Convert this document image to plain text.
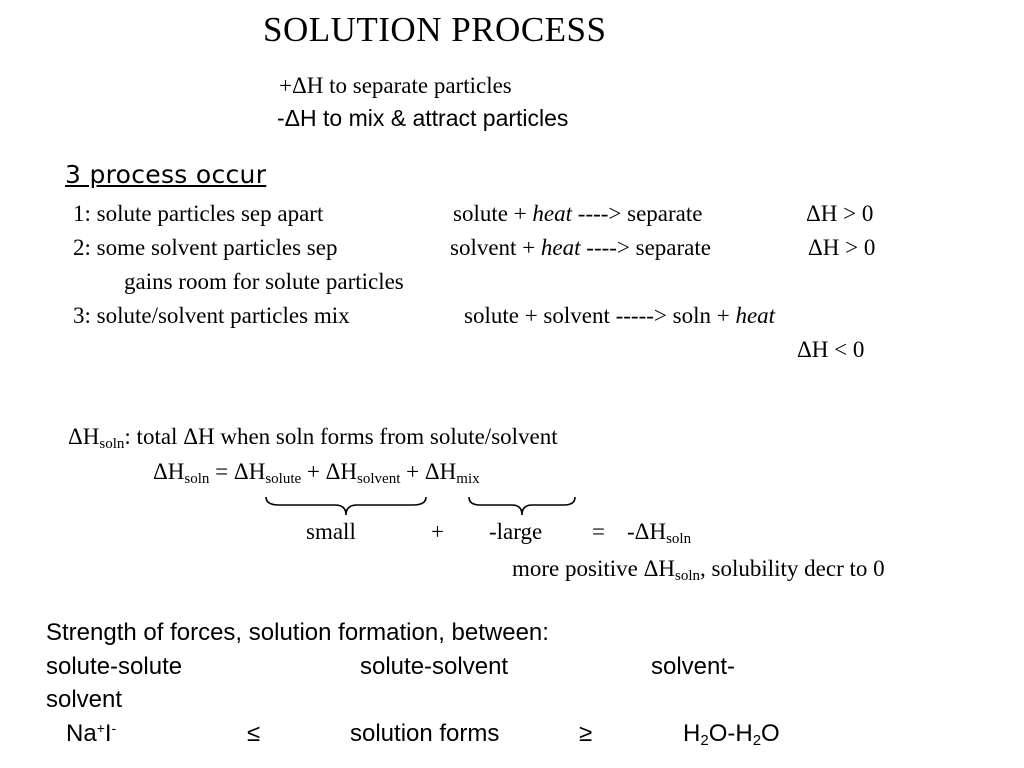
SOLUTION PROCESS
+ΔH to separate particles
-ΔH to mix & attract particles
3 process occur
1: solute particles sep apart	solute + heat ----> separate	ΔH > 0
2: some solvent particles sep	solvent + heat ----> separate	ΔH > 0
gains room for solute particles
3: solute/solvent particles mix	solute + solvent -----> soln + heat
ΔH < 0
$\Delta H_{soln}$: total ΔH when soln forms from solute/solvent
$\Delta H_{soln} = \Delta H_{solute} + \Delta H_{solvent} + \Delta H_{mix}$
small	+ -large = $-\Delta H_{soln}$
more positive $\Delta H_{soln}$, solubility decr to 0
Strength of forces, solution formation, between:
solute-solute	solute-solvent	solvent-
solvent
Na+I-	≤	solution forms	≥	$H_2O-H_2O$
